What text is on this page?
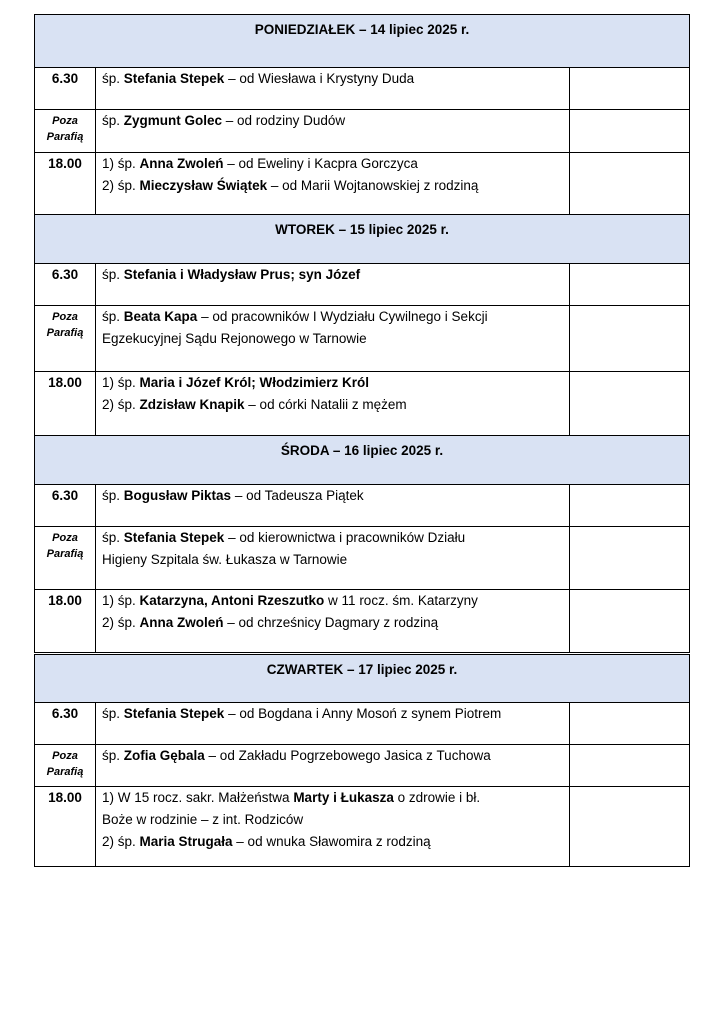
PONIEDZIAŁEK – 14 lipiec 2025 r.		
6.30	śp. Stefania Stepek – od Wiesława i Krystyny Duda	

Poza Parafią	śp. Zygmunt Golec – od rodziny Dudów	

18.00	1) śp. Anna Zwoleń – od Eweliny i Kacpra Gorczyca
2) śp. Mieczysław Świątek – od Marii Wojtanowskiej z rodziną	

WTOREK – 15 lipiec 2025 r.		
6.30	śp. Stefania i Władysław Prus; syn Józef	

Poza Parafią	śp. Beata Kapa – od pracowników I Wydziału Cywilnego i Sekcji
Egzekucyjnej Sądu Rejonowego w Tarnowie	

18.00	1) śp. Maria i Józef Król; Włodzimierz Król
2) śp. Zdzisław Knapik – od córki Natalii z mężem	

ŚRODA – 16 lipiec 2025 r.		
6.30	śp. Bogusław Piktas – od Tadeusza Piątek	

Poza Parafią	śp. Stefania Stepek – od kierownictwa i pracowników Działu
Higieny Szpitala św. Łukasza w Tarnowie	

18.00	1) śp. Katarzyna, Antoni Rzeszutko w 11 rocz. śm. Katarzyny
2) śp. Anna Zwoleń – od chrześnicy Dagmary z rodziną	

CZWARTEK – 17 lipiec 2025 r.		
6.30	śp. Stefania Stepek – od Bogdana i Anny Mosoń z synem Piotrem	

Poza Parafią	śp. Zofia Gębala – od Zakładu Pogrzebowego Jasica z Tuchowa	

18.00	1) W 15 rocz. sakr. Małżeństwa Marty i Łukasza o zdrowie i bł.
Boże w rodzinie – z int. Rodziców
2) śp. Maria Strugała – od wnuka Sławomira z rodziną	
